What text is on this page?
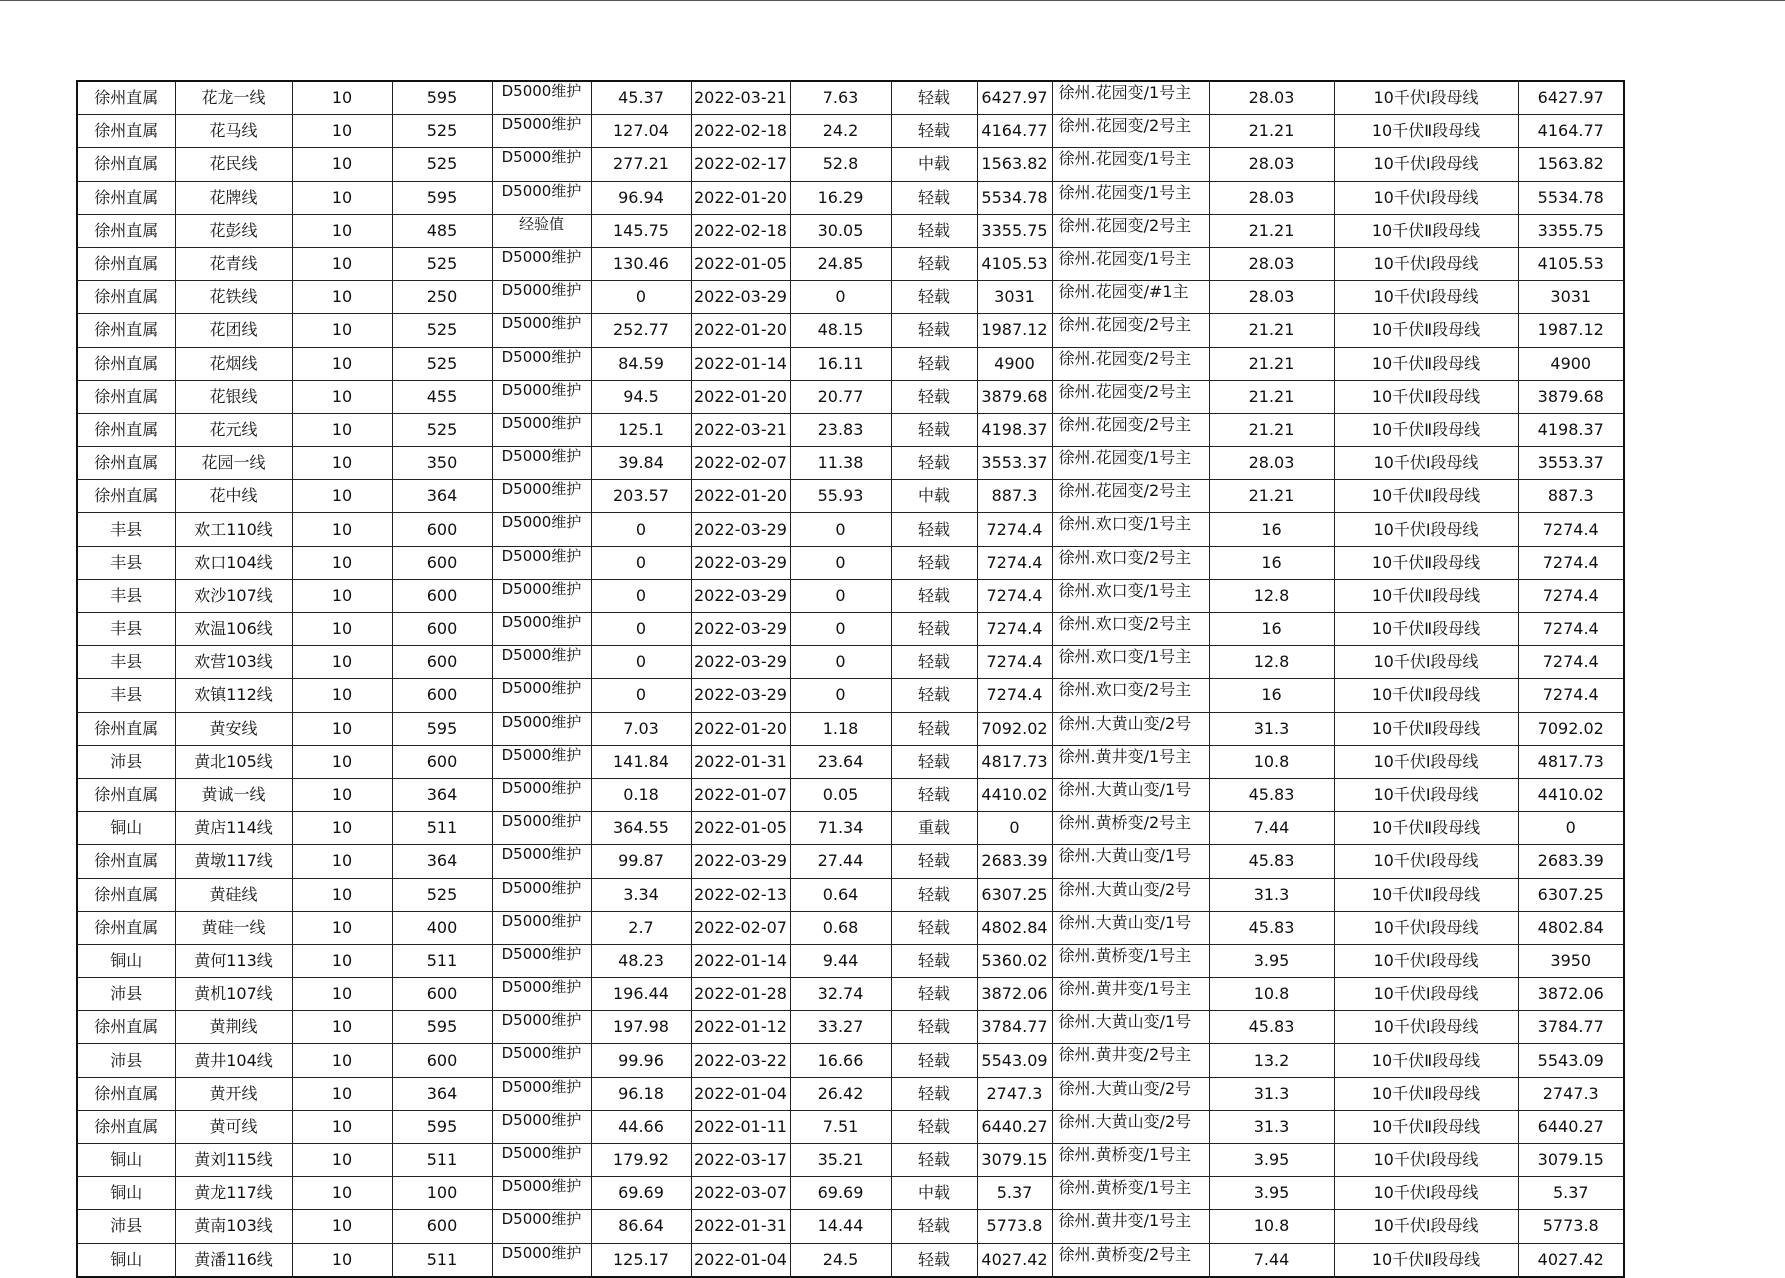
徐州直属	花龙一线	10	595	D5000维护	45.37	2022-03-21	7.63	轻载	6427.97	徐州.花园变/1号主	28.03	10千伏Ⅰ段母线	6427.97
徐州直属	花马线	10	525	D5000维护	127.04	2022-02-18	24.2	轻载	4164.77	徐州.花园变/2号主	21.21	10千伏Ⅱ段母线	4164.77
徐州直属	花民线	10	525	D5000维护	277.21	2022-02-17	52.8	中载	1563.82	徐州.花园变/1号主	28.03	10千伏Ⅰ段母线	1563.82
徐州直属	花牌线	10	595	D5000维护	96.94	2022-01-20	16.29	轻载	5534.78	徐州.花园变/1号主	28.03	10千伏Ⅰ段母线	5534.78
徐州直属	花彭线	10	485	经验值	145.75	2022-02-18	30.05	轻载	3355.75	徐州.花园变/2号主	21.21	10千伏Ⅱ段母线	3355.75
徐州直属	花青线	10	525	D5000维护	130.46	2022-01-05	24.85	轻载	4105.53	徐州.花园变/1号主	28.03	10千伏Ⅰ段母线	4105.53
徐州直属	花铁线	10	250	D5000维护	0	2022-03-29	0	轻载	3031	徐州.花园变/#1主	28.03	10千伏Ⅰ段母线	3031
徐州直属	花团线	10	525	D5000维护	252.77	2022-01-20	48.15	轻载	1987.12	徐州.花园变/2号主	21.21	10千伏Ⅱ段母线	1987.12
徐州直属	花烟线	10	525	D5000维护	84.59	2022-01-14	16.11	轻载	4900	徐州.花园变/2号主	21.21	10千伏Ⅱ段母线	4900
徐州直属	花银线	10	455	D5000维护	94.5	2022-01-20	20.77	轻载	3879.68	徐州.花园变/2号主	21.21	10千伏Ⅱ段母线	3879.68
徐州直属	花元线	10	525	D5000维护	125.1	2022-03-21	23.83	轻载	4198.37	徐州.花园变/2号主	21.21	10千伏Ⅱ段母线	4198.37
徐州直属	花园一线	10	350	D5000维护	39.84	2022-02-07	11.38	轻载	3553.37	徐州.花园变/1号主	28.03	10千伏Ⅰ段母线	3553.37
徐州直属	花中线	10	364	D5000维护	203.57	2022-01-20	55.93	中载	887.3	徐州.花园变/2号主	21.21	10千伏Ⅱ段母线	887.3
丰县	欢工110线	10	600	D5000维护	0	2022-03-29	0	轻载	7274.4	徐州.欢口变/1号主	16	10千伏Ⅰ段母线	7274.4
丰县	欢口104线	10	600	D5000维护	0	2022-03-29	0	轻载	7274.4	徐州.欢口变/2号主	16	10千伏Ⅱ段母线	7274.4
丰县	欢沙107线	10	600	D5000维护	0	2022-03-29	0	轻载	7274.4	徐州.欢口变/1号主	12.8	10千伏Ⅱ段母线	7274.4
丰县	欢温106线	10	600	D5000维护	0	2022-03-29	0	轻载	7274.4	徐州.欢口变/2号主	16	10千伏Ⅱ段母线	7274.4
丰县	欢营103线	10	600	D5000维护	0	2022-03-29	0	轻载	7274.4	徐州.欢口变/1号主	12.8	10千伏Ⅰ段母线	7274.4
丰县	欢镇112线	10	600	D5000维护	0	2022-03-29	0	轻载	7274.4	徐州.欢口变/2号主	16	10千伏Ⅱ段母线	7274.4
徐州直属	黄安线	10	595	D5000维护	7.03	2022-01-20	1.18	轻载	7092.02	徐州.大黄山变/2号	31.3	10千伏Ⅱ段母线	7092.02
沛县	黄北105线	10	600	D5000维护	141.84	2022-01-31	23.64	轻载	4817.73	徐州.黄井变/1号主	10.8	10千伏Ⅰ段母线	4817.73
徐州直属	黄诚一线	10	364	D5000维护	0.18	2022-01-07	0.05	轻载	4410.02	徐州.大黄山变/1号	45.83	10千伏Ⅰ段母线	4410.02
铜山	黄店114线	10	511	D5000维护	364.55	2022-01-05	71.34	重载	0	徐州.黄桥变/2号主	7.44	10千伏Ⅱ段母线	0
徐州直属	黄墩117线	10	364	D5000维护	99.87	2022-03-29	27.44	轻载	2683.39	徐州.大黄山变/1号	45.83	10千伏Ⅰ段母线	2683.39
徐州直属	黄硅线	10	525	D5000维护	3.34	2022-02-13	0.64	轻载	6307.25	徐州.大黄山变/2号	31.3	10千伏Ⅱ段母线	6307.25
徐州直属	黄硅一线	10	400	D5000维护	2.7	2022-02-07	0.68	轻载	4802.84	徐州.大黄山变/1号	45.83	10千伏Ⅰ段母线	4802.84
铜山	黄何113线	10	511	D5000维护	48.23	2022-01-14	9.44	轻载	5360.02	徐州.黄桥变/1号主	3.95	10千伏Ⅰ段母线	3950
沛县	黄机107线	10	600	D5000维护	196.44	2022-01-28	32.74	轻载	3872.06	徐州.黄井变/1号主	10.8	10千伏Ⅰ段母线	3872.06
徐州直属	黄荆线	10	595	D5000维护	197.98	2022-01-12	33.27	轻载	3784.77	徐州.大黄山变/1号	45.83	10千伏Ⅰ段母线	3784.77
沛县	黄井104线	10	600	D5000维护	99.96	2022-03-22	16.66	轻载	5543.09	徐州.黄井变/2号主	13.2	10千伏Ⅱ段母线	5543.09
徐州直属	黄开线	10	364	D5000维护	96.18	2022-01-04	26.42	轻载	2747.3	徐州.大黄山变/2号	31.3	10千伏Ⅱ段母线	2747.3
徐州直属	黄可线	10	595	D5000维护	44.66	2022-01-11	7.51	轻载	6440.27	徐州.大黄山变/2号	31.3	10千伏Ⅱ段母线	6440.27
铜山	黄刘115线	10	511	D5000维护	179.92	2022-03-17	35.21	轻载	3079.15	徐州.黄桥变/1号主	3.95	10千伏Ⅰ段母线	3079.15
铜山	黄龙117线	10	100	D5000维护	69.69	2022-03-07	69.69	中载	5.37	徐州.黄桥变/1号主	3.95	10千伏Ⅰ段母线	5.37
沛县	黄南103线	10	600	D5000维护	86.64	2022-01-31	14.44	轻载	5773.8	徐州.黄井变/1号主	10.8	10千伏Ⅰ段母线	5773.8
铜山	黄潘116线	10	511	D5000维护	125.17	2022-01-04	24.5	轻载	4027.42	徐州.黄桥变/2号主	7.44	10千伏Ⅱ段母线	4027.42
